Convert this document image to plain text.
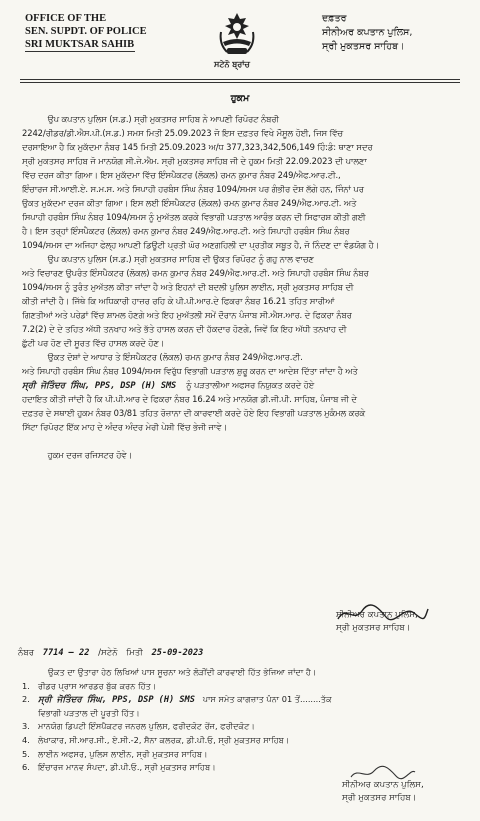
OFFICE OF THE
SEN. SUPDT. OF POLICE
SRI MUKTSAR SAHIB
ਸਟੇਨੋ ਬ੍ਰਾਂਚ
ਦਫ਼ਤਰ
ਸੀਨੀਅਰ ਕਪਤਾਨ ਪੁਲਿਸ,
ਸ੍ਰੀ ਮੁਕਤਸਰ ਸਾਹਿਬ।
ਹੁਕਮ
ਉਪ ਕਪਤਾਨ ਪੁਲਿਸ (ਸ.ਡ.) ਸ੍ਰੀ ਮੁਕਤਸਰ ਸਾਹਿਬ ਨੇ ਆਪਣੀ ਰਿਪੋਰਟ ਨੰਬਰੀ
2242/ਰੀਡਰ/ਡੀ.ਐਸ.ਪੀ.(ਸ.ਡ.) ਸਮਸ ਮਿਤੀ 25.09.2023 ਜੋ ਇਸ ਦਫ਼ਤਰ ਵਿਖੇ ਮੌਸੂਲ ਹੋਈ, ਜਿਸ ਵਿੱਚ
ਦਰਸਾਇਆ ਹੈ ਕਿ ਮੁਕੱਦਮਾ ਨੰਬਰ 145 ਮਿਤੀ 25.09.2023 ਅ/ਧ 377,323,342,506,149 ਹਿੰ:ਡੰ: ਥਾਣਾ ਸਦਰ
ਸ੍ਰੀ ਮੁਕਤਸਰ ਸਾਹਿਬ ਜੋ ਮਾਨਯੋਗ ਸੀ.ਜੇ.ਐਮ. ਸ੍ਰੀ ਮੁਕਤਸਰ ਸਾਹਿਬ ਜੀ ਦੇ ਹੁਕਮ ਮਿਤੀ 22.09.2023 ਦੀ ਪਾਲਣਾ
ਵਿੱਚ ਦਰਜ ਕੀਤਾ ਗਿਆ। ਇਸ ਮੁਕੱਦਮਾ ਵਿੱਚ ਇੰਸਪੈਕਟਰ (ਲੋਕਲ) ਰਮਨ ਕੁਮਾਰ ਨੰਬਰ 249/ਐਫ.ਆਰ.ਟੀ.,
ਇੰਚਾਰਜ ਸੀ.ਆਈ.ਏ. ਸ.ਮ.ਸ. ਅਤੇ ਸਿਪਾਹੀ ਹਰਬੰਸ ਸਿੰਘ ਨੰਬਰ 1094/ਸਮਸ ਪਰ ਗੰਭੀਰ ਦੋਸ਼ ਲੱਗੇ ਹਨ, ਜਿੰਨਾਂ ਪਰ
ਉਕਤ ਮੁਕੱਦਮਾ ਦਰਜ ਕੀਤਾ ਗਿਆ। ਇਸ ਲਈ ਇੰਸਪੈਕਟਰ (ਲੋਕਲ) ਰਮਨ ਕੁਮਾਰ ਨੰਬਰ 249/ਐਫ.ਆਰ.ਟੀ. ਅਤੇ
ਸਿਪਾਹੀ ਹਰਬੰਸ ਸਿੰਘ ਨੰਬਰ 1094/ਸਮਸ ਨੂੰ ਮੁਅੱਤਲ ਕਰਕੇ ਵਿਭਾਗੀ ਪੜਤਾਲ ਆਰੰਭ ਕਰਨ ਦੀ ਸਿਫਾਰਸ਼ ਕੀਤੀ ਗਈ
ਹੈ। ਇਸ ਤਰ੍ਹਾਂ ਇੰਸਪੈਕਟਰ (ਲੋਕਲ) ਰਮਨ ਕੁਮਾਰ ਨੰਬਰ 249/ਐਫ.ਆਰ.ਟੀ. ਅਤੇ ਸਿਪਾਹੀ ਹਰਬੰਸ ਸਿੰਘ ਨੰਬਰ
1094/ਸਮਸ ਦਾ ਅਜਿਹਾ ਫੇਲ੍ਹ ਆਪਣੀ ਡਿਊਟੀ ਪ੍ਰਤੀ ਘੋਰ ਅਣਗਹਿਲੀ ਦਾ ਪ੍ਰਤੀਕ ਸਬੂਤ ਹੈ, ਜੋ ਨਿੰਦਣ ਦਾ ਵੰਡਯੋਗ ਹੈ।
ਉਪ ਕਪਤਾਨ ਪੁਲਿਸ (ਸ.ਡ.) ਸ੍ਰੀ ਮੁਕਤਸਰ ਸਾਹਿਬ ਦੀ ਉਕਤ ਰਿਪੋਰਟ ਨੂੰ ਗਹੁ ਨਾਲ ਵਾਚਣ
ਅਤੇ ਵਿਚਾਰਣ ਉਪਰੰਤ ਇੰਸਪੈਕਟਰ (ਲੋਕਲ) ਰਮਨ ਕੁਮਾਰ ਨੰਬਰ 249/ਐਫ.ਆਰ.ਟੀ. ਅਤੇ ਸਿਪਾਹੀ ਹਰਬੰਸ ਸਿੰਘ ਨੰਬਰ
1094/ਸਮਸ ਨੂੰ ਤੁਰੰਤ ਮੁਅੱਤਲ ਕੀਤਾ ਜਾਂਦਾ ਹੈ ਅਤੇ ਇਹਨਾਂ ਦੀ ਬਦਲੀ ਪੁਲਿਸ ਲਾਈਨ, ਸ੍ਰੀ ਮੁਕਤਸਰ ਸਾਹਿਬ ਦੀ
ਕੀਤੀ ਜਾਂਦੀ ਹੈ। ਜਿੱਥੇ ਕਿ ਅਧਿਕਾਰੀ ਹਾਜ਼ਰ ਰਹਿ ਕੇ ਪੀ.ਪੀ.ਆਰ.ਦੇ ਫਿਕਰਾ ਨੰਬਰ 16.21 ਤਹਿਤ ਸਾਰੀਆਂ
ਗਿਣਤੀਆਂ ਅਤੇ ਪਰੇਡਾਂ ਵਿੱਚ ਸ਼ਾਮਲ ਹੋਣਗੇ ਅਤੇ ਇਹ ਮੁਅੱਤਲੀ ਸਮੇਂ ਦੌਰਾਨ ਪੰਜਾਬ ਸੀ.ਐਸ.ਆਰ. ਦੇ ਫਿਕਰਾ ਨੰਬਰ
7.2(2) ਦੇ ਦੇ ਤਹਿਤ ਅੱਧੀ ਤਨਖਾਹ ਅਤੇ ਭੱਤੇ ਹਾਸਲ ਕਰਨ ਦੀ ਹੱਕਦਾਰ ਹੋਣਗੇ, ਜਿਵੇਂ ਕਿ ਇਹ ਅੱਧੀ ਤਨਖਾਹ ਦੀ
ਛੁੱਟੀ ਪਰ ਹੋਣ ਦੀ ਸੂਰਤ ਵਿੱਚ ਹਾਸਲ ਕਰਦੇ ਹੋਣ।
ਉਕਤ ਦੋਸ਼ਾਂ ਦੇ ਆਧਾਰ ਤੇ ਇੰਸਪੈਕਟਰ (ਲੋਕਲ) ਰਮਨ ਕੁਮਾਰ ਨੰਬਰ 249/ਐਫ.ਆਰ.ਟੀ.
ਅਤੇ ਸਿਪਾਹੀ ਹਰਬੰਸ ਸਿੰਘ ਨੰਬਰ 1094/ਸਮਸ ਵਿਰੁੱਧ ਵਿਭਾਗੀ ਪੜਤਾਲ ਸ਼ੁਰੂ ਕਰਨ ਦਾ ਆਦੇਸ਼ ਦਿੱਤਾ ਜਾਂਦਾ ਹੈ ਅਤੇ
ਸ੍ਰੀ ਜੋਤਿੰਦਰ ਸਿੰਘ, PPS, DSP (H) SMS ਨੂੰ ਪੜਤਾਲੀਆ ਅਫਸਰ ਨਿਯੁਕਤ ਕਰਦੇ ਹੋਏ
ਹਦਾਇਤ ਕੀਤੀ ਜਾਂਦੀ ਹੈ ਕਿ ਪੀ.ਪੀ.ਆਰ ਦੇ ਫਿਕਰਾ ਨੰਬਰ 16.24 ਅਤੇ ਮਾਨਯੋਗ ਡੀ.ਜੀ.ਪੀ. ਸਾਹਿਬ, ਪੰਜਾਬ ਜੀ ਦੇ
ਦਫ਼ਤਰ ਦੇ ਸਥਾਈ ਹੁਕਮ ਨੰਬਰ 03/81 ਤਹਿਤ ਰੋਜ਼ਾਨਾ ਦੀ ਕਾਰਵਾਈ ਕਰਦੇ ਹੋਏ ਇਹ ਵਿਭਾਗੀ ਪੜਤਾਲ ਮੁਕੰਮਲ ਕਰਕੇ
ਸਿੱਟਾ ਰਿਪੋਰਟ ਇੱਕ ਮਾਹ ਦੇ ਅੰਦਰ ਅੰਦਰ ਮੇਰੀ ਪੇਸ਼ੀ ਵਿੱਚ ਭੇਜੀ ਜਾਵੇ।
ਹੁਕਮ ਦਰਜ ਰਜਿਸਟਰ ਹੋਵੇ।
ਸੀਨੀਅਰ ਕਪਤਾਨ ਪੁਲਿਸ,
ਸ੍ਰੀ ਮੁਕਤਸਰ ਸਾਹਿਬ।
ਨੰਬਰ 7714 — 22 /ਸਟੇਨੋ ਮਿਤੀ 25-09-2023
ਉਕਤ ਦਾ ਉਤਾਰਾ ਹੇਠ ਲਿਖਿਆਂ ਪਾਸ ਸੂਚਨਾ ਅਤੇ ਲੋੜੀਂਦੀ ਕਾਰਵਾਈ ਹਿੱਤ ਭੇਜਿਆ ਜਾਂਦਾ ਹੈ।
1. ਰੀਡਰ ਪ੍ਰਾਸ ਆਰਡਰ ਬੁੱਕ ਕਰਨ ਹਿੱਤ।
2. ਸ੍ਰੀ ਜੋਤਿੰਦਰ ਸਿੰਘ, PPS, DSP (H) SMS ਪਾਸ ਸਮੇਤ ਕਾਗਜ਼ਾਤ ਪੰਨਾ 01 ਤੋਂ........ਤੱਕ
ਵਿਭਾਗੀ ਪੜਤਾਲ ਦੀ ਪੂਰਤੀ ਹਿੱਤ।
3. ਮਾਨਯੋਗ ਡਿਪਟੀ ਇੰਸਪੈਕਟਰ ਜਨਰਲ ਪੁਲਿਸ, ਫਰੀਦਕੋਟ ਰੇਂਜ, ਫਰੀਦਕੋਟ।
4. ਲੇਖਾਕਾਰ, ਸੀ.ਆਰ.ਸੀ., ਏ.ਸੀ.-2, ਸੈਨਾ ਕਲਰਕ, ਡੀ.ਪੀ.ਓ, ਸ੍ਰੀ ਮੁਕਤਸਰ ਸਾਹਿਬ।
5. ਲਾਈਨ ਅਫਸਰ, ਪੁਲਿਸ ਲਾਈਨ, ਸ੍ਰੀ ਮੁਕਤਸਰ ਸਾਹਿਬ।
6. ਇੰਚਾਰਜ ਮਾਨਵ ਸੰਪਦਾ, ਡੀ.ਪੀ.ਓ., ਸ੍ਰੀ ਮੁਕਤਸਰ ਸਾਹਿਬ।
ਸੀਨੀਅਰ ਕਪਤਾਨ ਪੁਲਿਸ,
ਸ੍ਰੀ ਮੁਕਤਸਰ ਸਾਹਿਬ।
